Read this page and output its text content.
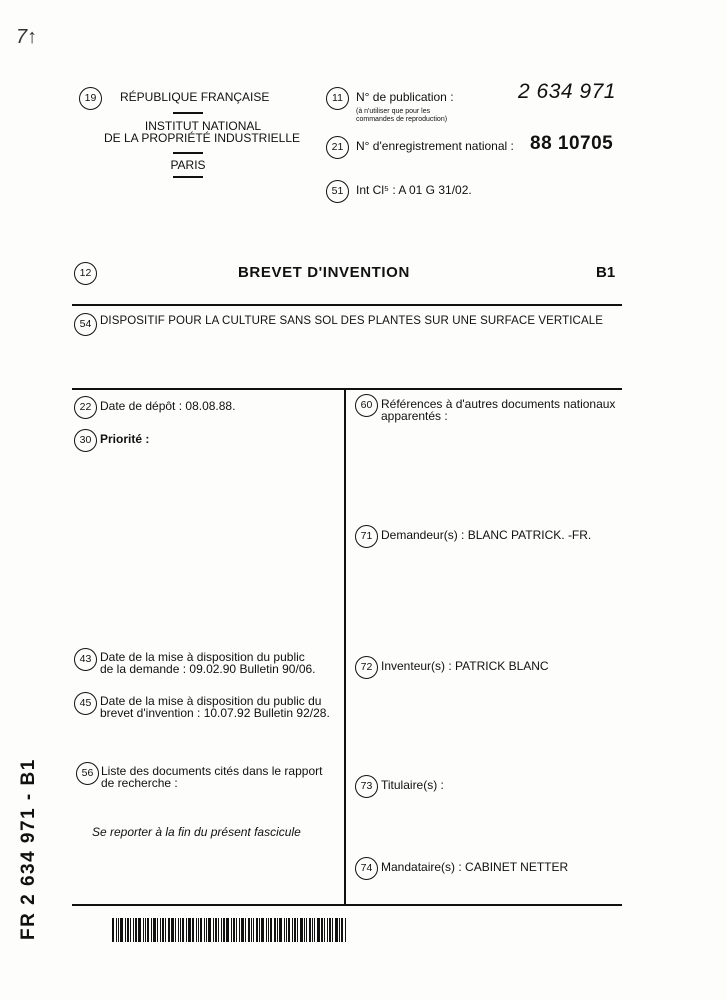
7↑
19	RÉPUBLIQUE FRANÇAISE
INSTITUT NATIONAL
DE LA PROPRIÉTÉ INDUSTRIELLE
PARIS
11	N° de publication :
(à n'utiliser que pour les
commandes de reproduction)
2 634 971
21	N° d'enregistrement national : 88 10705
51	Int Cl⁵ : A 01 G 31/02.
12	BREVET D'INVENTION	B1
54 DISPOSITIF POUR LA CULTURE SANS SOL DES PLANTES SUR UNE SURFACE VERTICALE
22 Date de dépôt : 08.08.88.
30 Priorité :
43 Date de la mise à disposition du public
de la demande : 09.02.90 Bulletin 90/06.
45 Date de la mise à disposition du public du
brevet d'invention : 10.07.92 Bulletin 92/28.
56 Liste des documents cités dans le rapport
de recherche :
Se reporter à la fin du présent fascicule
60 Références à d'autres documents nationaux
apparentés :
71 Demandeur(s) : BLANC PATRICK. -FR.
72 Inventeur(s) : PATRICK BLANC
73 Titulaire(s) :
74 Mandataire(s) : CABINET NETTER
FR 2 634 971 - B1
